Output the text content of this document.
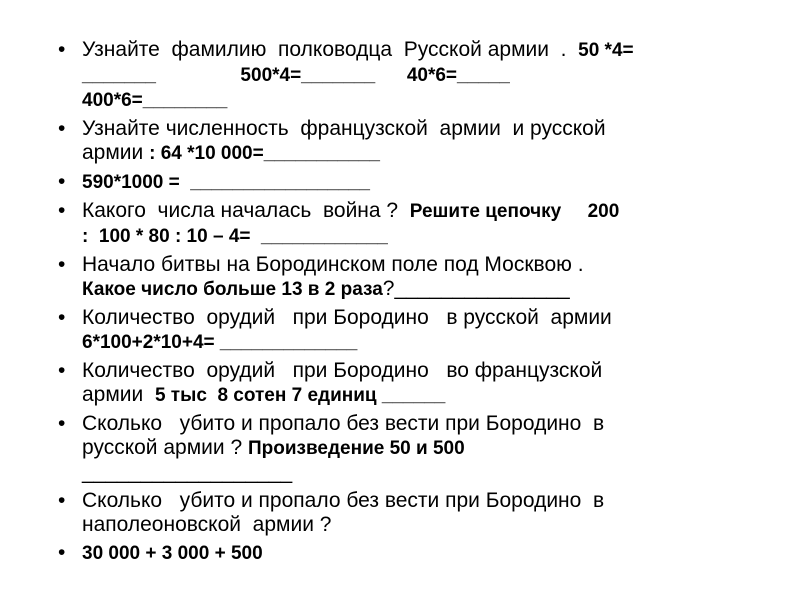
• Узнайте  фамилию  полководца  Русской армии  .  50 *4=
_______                500*4=_______      40*6=_____
400*6=________
• Узнайте численность  французской  армии  и русской
армии : 64 *10 000=___________
• 590*1000 =  _________________
• Какого  числа началась  война ?  Решите цепочку     200
:  100 * 80 : 10 – 4=  ____________
• Начало битвы на Бородинском поле под Москвою .
Какое число больше 13 в 2 раза?_______________
• Количество  орудий   при Бородино   в русской  армии
6*100+2*10+4= _____________
• Количество  орудий   при Бородино   во французской
армии  5 тыс  8 сотен 7 единиц ______
• Сколько   убито и пропало без вести при Бородино  в
русской армии ? Произведение 50 и 500
__________________
• Сколько   убито и пропало без вести при Бородино  в
наполеоновской  армии ?
• 30 000 + 3 000 + 500
